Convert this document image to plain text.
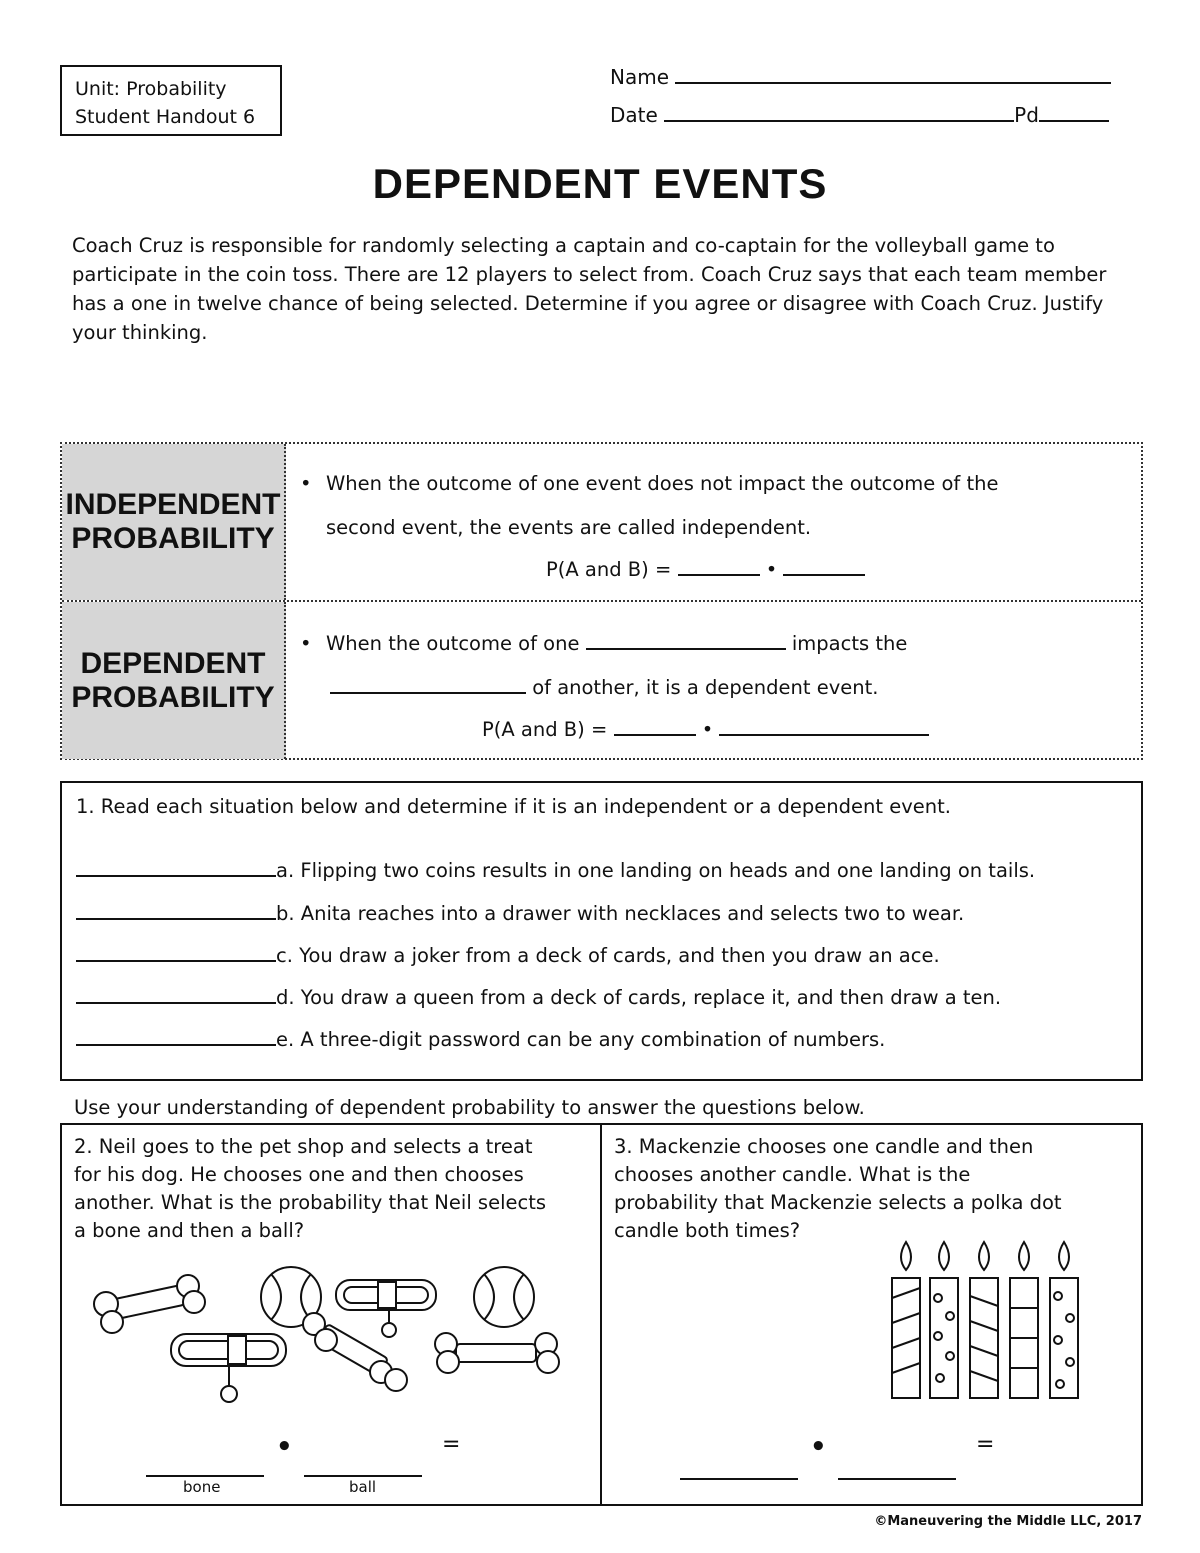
Unit: Probability
Student Handout 6
Name
Date	Pd
DEPENDENT EVENTS
Coach Cruz is responsible for randomly selecting a captain and co-captain for the volleyball game to participate in the coin toss. There are 12 players to select from. Coach Cruz says that each team member has a one in twelve chance of being selected. Determine if you agree or disagree with Coach Cruz. Justify your thinking.
INDEPENDENT
PROBABILITY
• When the outcome of one event does not impact the outcome of the
second event, the events are called independent.
P(A and B) =	•
DEPENDENT
PROBABILITY
• When the outcome of one	impacts the
of another, it is a dependent event.
P(A and B) =	•
1. Read each situation below and determine if it is an independent or a dependent event.
a. Flipping two coins results in one landing on heads and one landing on tails.
b. Anita reaches into a drawer with necklaces and selects two to wear.
c. You draw a joker from a deck of cards, and then you draw an ace.
d. You draw a queen from a deck of cards, replace it, and then draw a ten.
e. A three-digit password can be any combination of numbers.
Use your understanding of dependent probability to answer the questions below.
2. Neil goes to the pet shop and selects a treat
for his dog. He chooses one and then chooses
another. What is the probability that Neil selects
a bone and then a ball?
3. Mackenzie chooses one candle and then
chooses another candle. What is the
probability that Mackenzie selects a polka dot
candle both times?
•	=
bone	ball
•	=
©Maneuvering the Middle LLC, 2017
